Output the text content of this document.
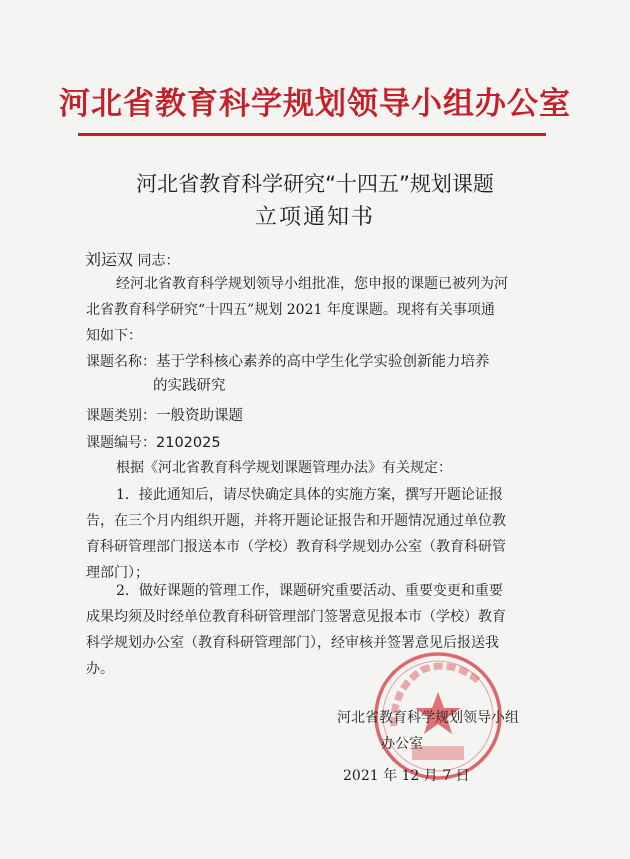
河北省教育科学规划领导小组办公室
河北省教育科学研究“十四五”规划课题
立项通知书
刘运双 同志：
经河北省教育科学规划领导小组批准，您申报的课题已被列为河
北省教育科学研究“十四五”规划 2021 年度课题。现将有关事项通
知如下：
课题名称：基于学科核心素养的高中学生化学实验创新能力培养
的实践研究
课题类别：一般资助课题
课题编号：2102025
根据《河北省教育科学规划课题管理办法》有关规定：
1．接此通知后，请尽快确定具体的实施方案，撰写开题论证报
告，在三个月内组织开题，并将开题论证报告和开题情况通过单位教
育科研管理部门报送本市（学校）教育科学规划办公室（教育科研管
理部门）；
2．做好课题的管理工作，课题研究重要活动、重要变更和重要
成果均须及时经单位教育科研管理部门签署意见报本市（学校）教育
科学规划办公室（教育科研管理部门），经审核并签署意见后报送我
办。
河北省教育科学规划领导小组
办公室
2021 年 12 月 7 日
